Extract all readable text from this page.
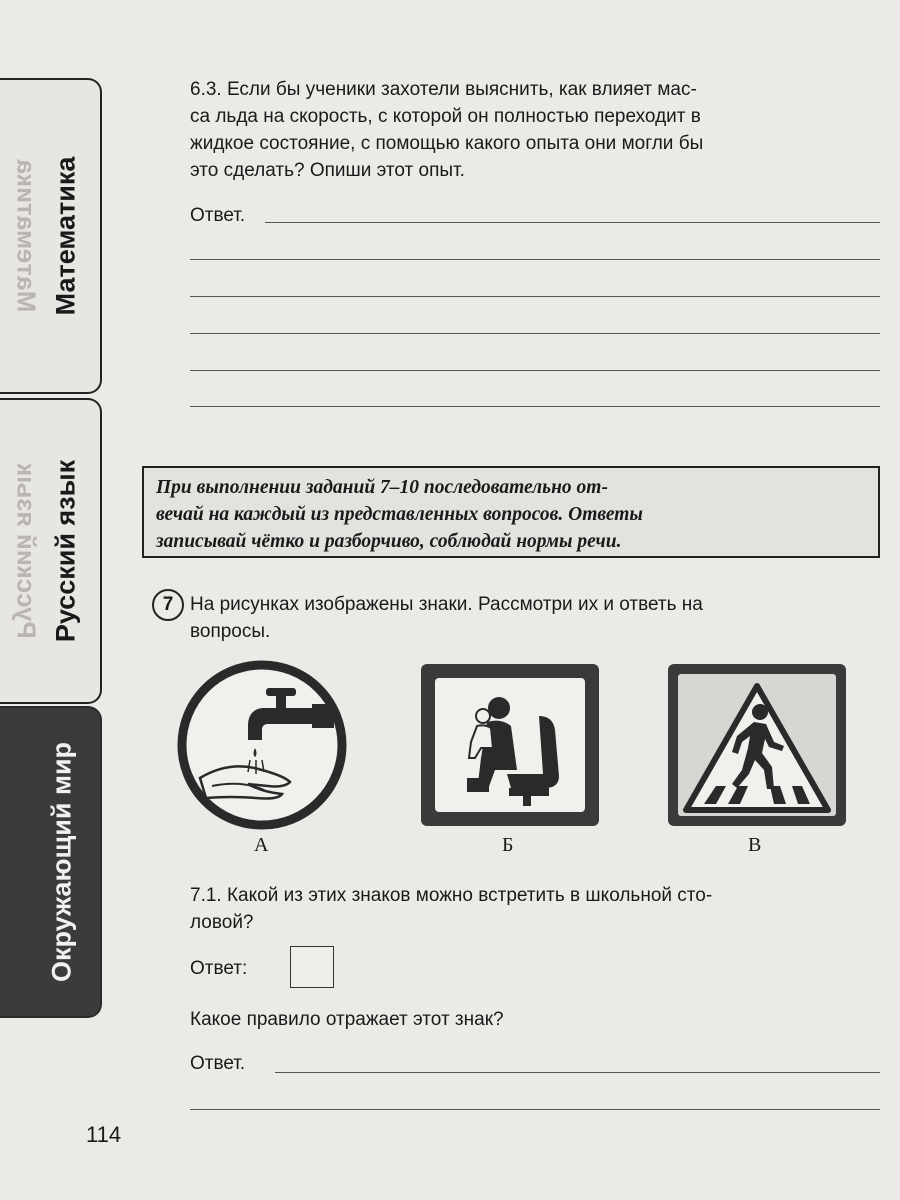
Математика Математика
Русский язык Русский язык
Окружающий мир
6.3. Если бы ученики захотели выяснить, как влияет мас-
са льда на скорость, с которой он полностью переходит в
жидкое состояние, с помощью какого опыта они могли бы
это сделать? Опиши этот опыт.
Ответ.
При выполнении заданий 7–10 последовательно от-
вечай на каждый из представленных вопросов. Ответы
записывай чётко и разборчиво, соблюдай нормы речи.
7 На рисунках изображены знаки. Рассмотри их и ответь на
вопросы.
А	Б	В
7.1. Какой из этих знаков можно встретить в школьной сто-
ловой?
Ответ:
Какое правило отражает этот знак?
Ответ.
114
